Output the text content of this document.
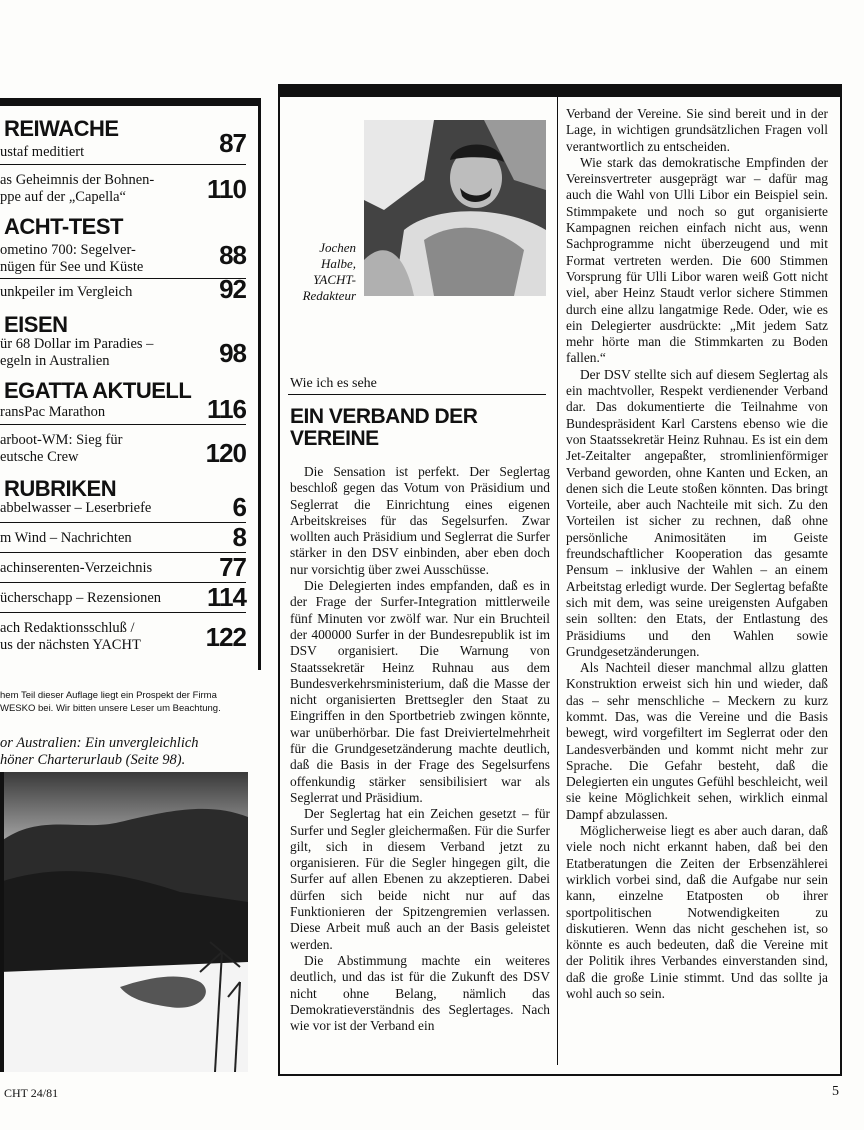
REIWACHE
ustaf meditiert	87
as Geheimnis der Bohnen-
ppe auf der „Capella“	110
ACHT-TEST
ometino 700: Segelver-
nügen für See und Küste	88
unkpeiler im Vergleich	92
EISEN
ür 68 Dollar im Paradies –
egeln in Australien	98
EGATTA AKTUELL
ransPac Marathon	116
arboot-WM: Sieg für
eutsche Crew	120
RUBRIKEN
abbelwasser – Leserbriefe	6
m Wind – Nachrichten	8
achinserenten-Verzeichnis	77
ücherschapp – Rezensionen 114
ach Redaktionsschluß /
us der nächsten YACHT 122
hem Teil dieser Auflage liegt ein Prospekt der Firma
WESKO bei. Wir bitten unsere Leser um Beachtung.
or Australien: Ein unvergleichlich
höner Charterurlaub (Seite 98).
Jochen
Halbe,
YACHT-
Redakteur
Wie ich es sehe
EIN VERBAND DER
VEREINE

Die Sensation ist perfekt. Der Seglertag beschloß gegen das Votum von Präsidium und Seglerrat die Einrichtung eines eigenen Arbeitskreises für das Segelsurfen. Zwar wollten auch Präsidium und Seglerrat die Surfer stärker in den DSV einbinden, aber eben doch nur vorsichtig über zwei Ausschüsse.

Die Delegierten indes empfanden, daß es in der Frage der Surfer-Integration mittlerweile fünf Minuten vor zwölf war. Nur ein Bruchteil der 400000 Surfer in der Bundesrepublik ist im DSV organisiert. Die Warnung von Staatssekretär Heinz Ruhnau aus dem Bundesverkehrsministerium, daß die Masse der nicht organisierten Brettsegler den Staat zu Eingriffen in den Sportbetrieb zwingen könnte, war unüberhörbar. Die fast Dreiviertelmehrheit für die Grundgesetzänderung machte deutlich, daß die Basis in der Frage des Segelsurfens offenkundig stärker sensibilisiert war als Seglerrat und Präsidium.

Der Seglertag hat ein Zeichen gesetzt – für Surfer und Segler gleichermaßen. Für die Surfer gilt, sich in diesem Verband jetzt zu organisieren. Für die Segler hingegen gilt, die Surfer auf allen Ebenen zu akzeptieren. Dabei dürfen sich beide nicht nur auf das Funktionieren der Spitzengremien verlassen. Diese Arbeit muß auch an der Basis geleistet werden.

Die Abstimmung machte ein weiteres deutlich, und das ist für die Zukunft des DSV nicht ohne Belang, nämlich das Demokratieverständnis des Seglertages. Nach wie vor ist der Verband ein

Verband der Vereine. Sie sind bereit und in der Lage, in wichtigen grundsätzlichen Fragen voll verantwortlich zu entscheiden.

Wie stark das demokratische Empfinden der Vereinsvertreter ausgeprägt war – dafür mag auch die Wahl von Ulli Libor ein Beispiel sein. Stimmpakete und noch so gut organisierte Kampagnen reichen einfach nicht aus, wenn Sachprogramme nicht überzeugend und mit Format vertreten werden. Die 600 Stimmen Vorsprung für Ulli Libor waren weiß Gott nicht viel, aber Heinz Staudt verlor sichere Stimmen durch eine allzu langatmige Rede. Oder, wie es ein Delegierter ausdrückte: „Mit jedem Satz mehr hörte man die Stimmkarten zu Boden fallen.“

Der DSV stellte sich auf diesem Seglertag als ein machtvoller, Respekt verdienender Verband dar. Das dokumentierte die Teilnahme von Bundespräsident Karl Carstens ebenso wie die von Staatssekretär Heinz Ruhnau. Es ist ein dem Jet-Zeitalter angepaßter, stromlinienförmiger Verband geworden, ohne Kanten und Ecken, an denen sich die Leute stoßen könnten. Das bringt Vorteile, aber auch Nachteile mit sich. Zu den Vorteilen ist sicher zu rechnen, daß ohne persönliche Animositäten im Geiste freundschaftlicher Kooperation das gesamte Pensum – inklusive der Wahlen – an einem Arbeitstag erledigt wurde. Der Seglertag befaßte sich mit dem, was seine ureigensten Aufgaben sein sollten: den Etats, der Entlastung des Präsidiums und den Wahlen sowie Grundgesetzänderungen.

Als Nachteil dieser manchmal allzu glatten Konstruktion erweist sich hin und wieder, daß das – sehr menschliche – Meckern zu kurz kommt. Das, was die Vereine und die Basis bewegt, wird vorgefiltert im Seglerrat oder den Landesverbänden und kommt nicht mehr zur Sprache. Die Gefahr besteht, daß die Delegierten ein ungutes Gefühl beschleicht, weil sie keine Möglichkeit sehen, wirklich einmal Dampf abzulassen.

Möglicherweise liegt es aber auch daran, daß viele noch nicht erkannt haben, daß bei den Etatberatungen die Zeiten der Erbsenzählerei wirklich vorbei sind, daß die Aufgabe nur sein kann, einzelne Etatposten ob ihrer sportpolitischen Notwendigkeiten zu diskutieren. Wenn das nicht geschehen ist, so könnte es auch bedeuten, daß die Vereine mit der Politik ihres Verbandes einverstanden sind, daß die große Linie stimmt. Und das sollte ja wohl auch so sein.

CHT 24/81	5
